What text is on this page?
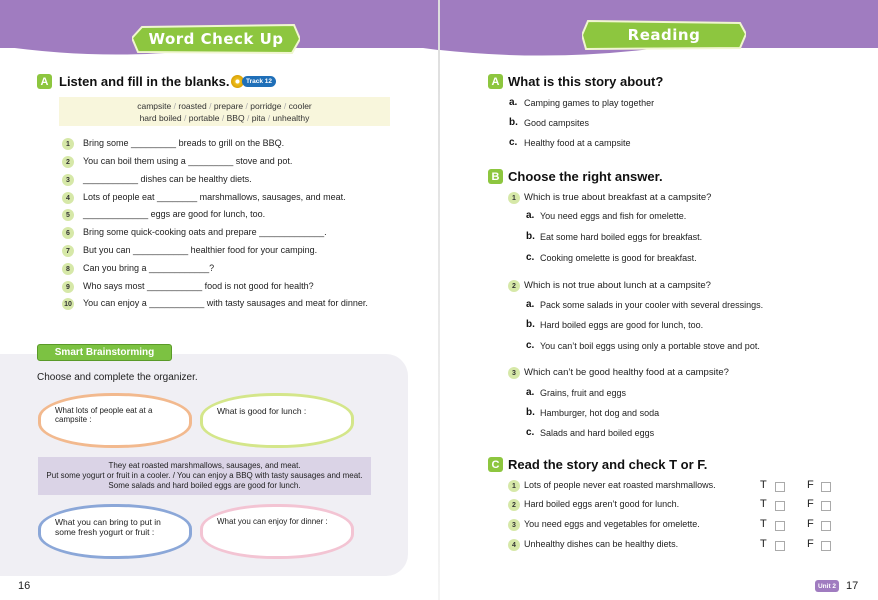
Word Check Up	Reading
A Listen and fill in the blanks.	Track 12
campsite / roasted / prepare / porridge / cooler
hard boiled / portable / BBQ / pita / unhealthy
1	Bring some _________ breads to grill on the BBQ.
2	You can boil them using a _________ stove and pot.
3	___________ dishes can be healthy diets.
4	Lots of people eat ________ marshmallows, sausages, and meat.
5	_____________ eggs are good for lunch, too.
6	Bring some quick-cooking oats and prepare _____________.
7	But you can ___________ healthier food for your camping.
8	Can you bring a ____________?
9	Who says most ___________ food is not good for health?
10 You can enjoy a ___________ with tasty sausages and meat for dinner.
Smart Brainstorming
Choose and complete the organizer.
What lots of people eat at a campsite :
What is good for lunch :
They eat roasted marshmallows, sausages, and meat.
Put some yogurt or fruit in a cooler. / You can enjoy a BBQ with tasty sausages and meat.
Some salads and hard boiled eggs are good for lunch.
What you can bring to put in
some fresh yogurt or fruit :
What you can enjoy for dinner :
16
A What is this story about?
a. Camping games to play together
b. Good campsites
c. Healthy food at a campsite
B Choose the right answer.
1 Which is true about breakfast at a campsite?
a. You need eggs and fish for omelette.
b. Eat some hard boiled eggs for breakfast.
c. Cooking omelette is good for breakfast.
2 Which is not true about lunch at a campsite?
a. Pack some salads in your cooler with several dressings.
b. Hard boiled eggs are good for lunch, too.
c. You can’t boil eggs using only a portable stove and pot.
3 Which can’t be good healthy food at a campsite?
a. Grains, fruit and eggs
b. Hamburger, hot dog and soda
c. Salads and hard boiled eggs
C Read the story and check T or F.
1 Lots of people never eat roasted marshmallows.	T	F
2 Hard boiled eggs aren’t good for lunch.	T	F
3 You need eggs and vegetables for omelette.	T	F
4 Unhealthy dishes can be healthy diets.	T	F
Unit 2 17
